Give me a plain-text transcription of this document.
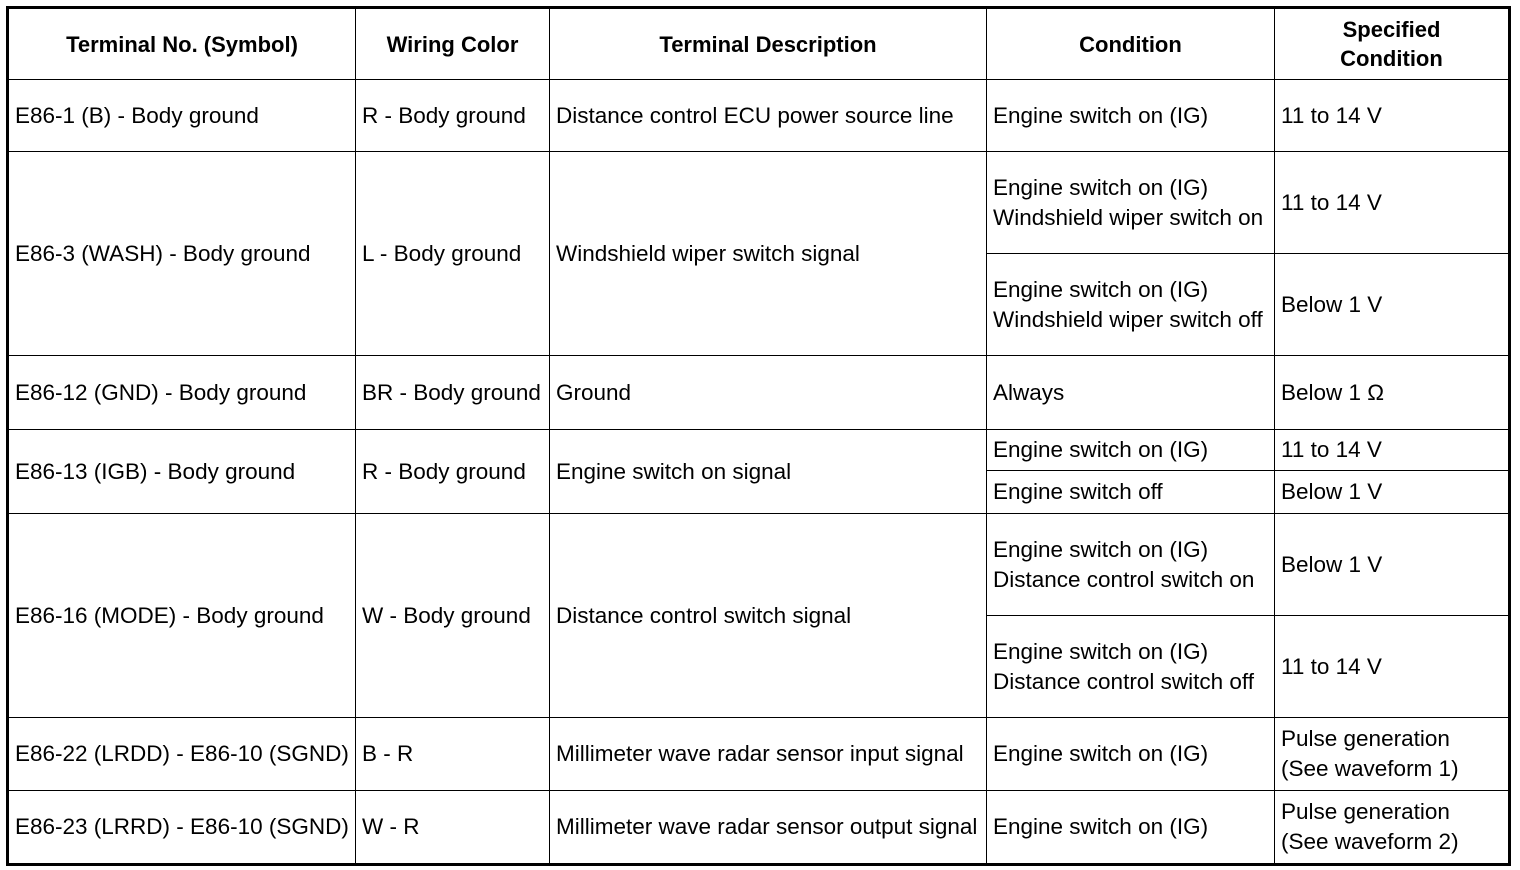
Terminal No. (Symbol)	Wiring Color	Terminal Description	Condition	Specified
Condition
E86-1 (B) - Body ground	R - Body ground	Distance control ECU power source line	Engine switch on (IG)	11 to 14 V
E86-3 (WASH) - Body ground	L - Body ground	Windshield wiper switch signal	Engine switch on (IG) Windshield wiper switch on	11 to 14 V
			Engine switch on (IG) Windshield wiper switch off	Below 1 V
E86-12 (GND) - Body ground	BR - Body ground	Ground	Always	Below 1 Ω
E86-13 (IGB) - Body ground	R - Body ground	Engine switch on signal	Engine switch on (IG)	11 to 14 V
			Engine switch off	Below 1 V
E86-16 (MODE) - Body ground	W - Body ground	Distance control switch signal	Engine switch on (IG) Distance control switch on	Below 1 V
			Engine switch on (IG) Distance control switch off	11 to 14 V
E86-22 (LRDD) - E86-10 (SGND)	B - R	Millimeter wave radar sensor input signal	Engine switch on (IG)	Pulse generation (See waveform 1)
E86-23 (LRRD) - E86-10 (SGND)	W - R	Millimeter wave radar sensor output signal	Engine switch on (IG)	Pulse generation (See waveform 2)
